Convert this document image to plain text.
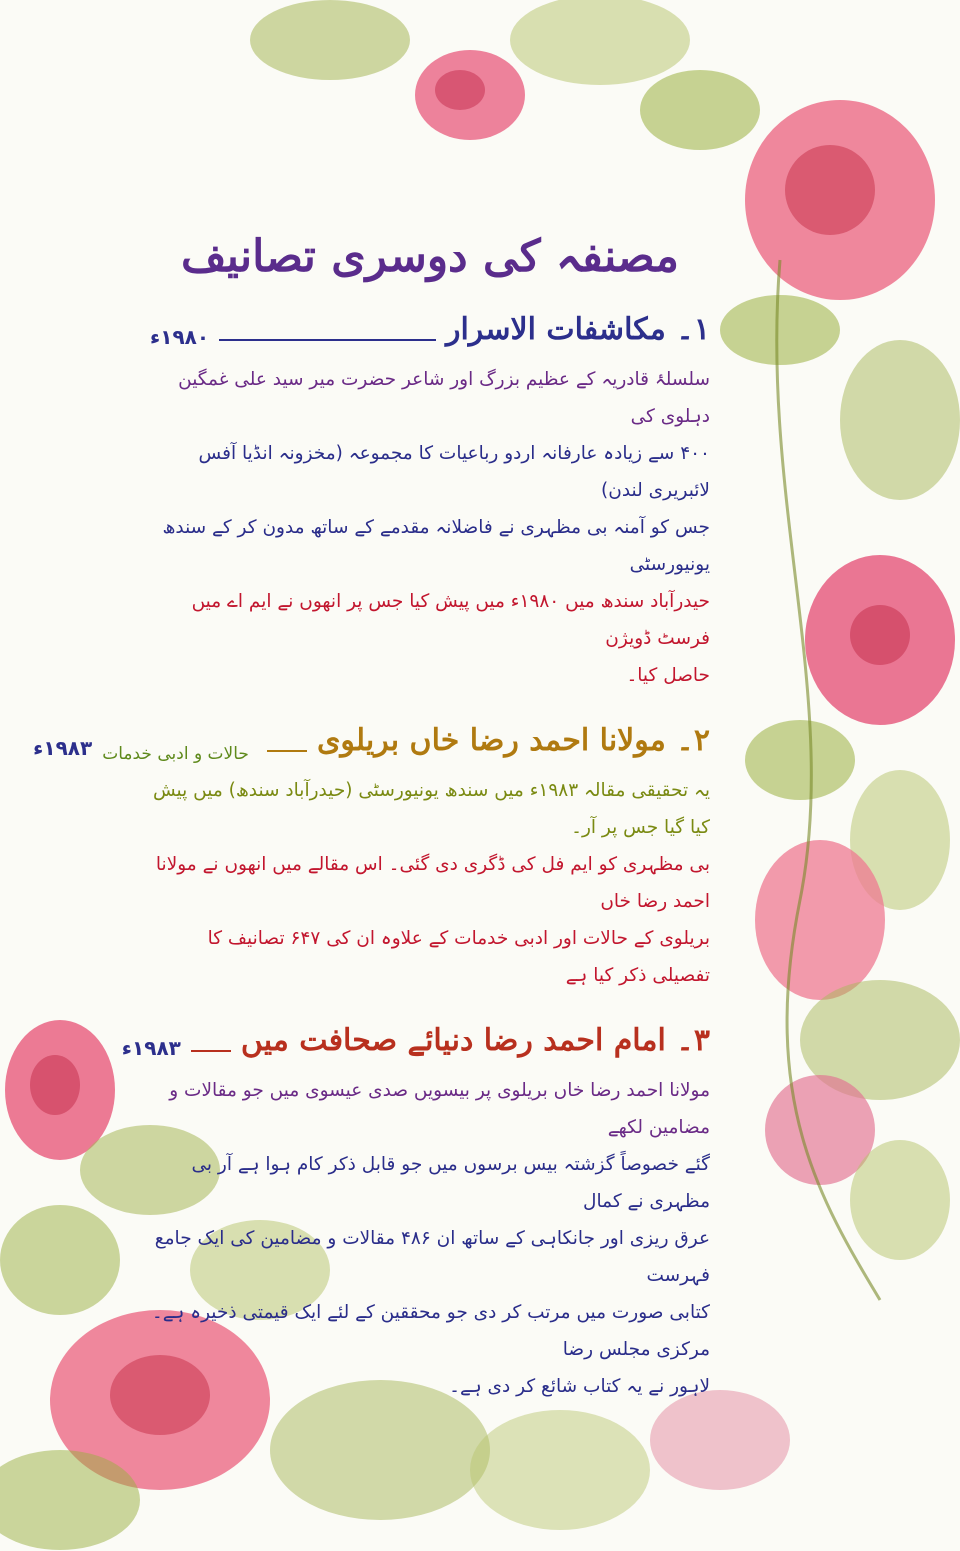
مصنفہ کی دوسری تصانیف
۱۔ مکاشفات الاسرار
۱۹۸۰ء

سلسلۂ قادریہ کے عظیم بزرگ اور شاعر حضرت میر سید علی غمگین دہلوی کی
۴۰۰ سے زیادہ عارفانہ اردو رباعیات کا مجموعہ (مخزونہ انڈیا آفس لائبریری لندن)
جس کو آمنہ بی مظہری نے فاضلانہ مقدمے کے ساتھ مدون کر کے سندھ یونیورسٹی
حیدرآباد سندھ میں ۱۹۸۰ء میں پیش کیا جس پر انھوں نے ایم اے میں فرسٹ ڈویژن
حاصل کیا۔

۲۔ مولانا احمد رضا خاں بریلوی
حالات و ادبی خدمات
۱۹۸۳ء

یہ تحقیقی مقالہ ۱۹۸۳ء میں سندھ یونیورسٹی (حیدرآباد سندھ) میں پیش کیا گیا جس پر آر۔
بی مظہری کو ایم فل کی ڈگری دی گئی۔ اس مقالے میں انھوں نے مولانا احمد رضا خاں
بریلوی کے حالات اور ادبی خدمات کے علاوہ ان کی ۶۴۷ تصانیف کا تفصیلی ذکر کیا ہے

۳۔ امام احمد رضا دنیائے صحافت میں
۱۹۸۳ء

مولانا احمد رضا خاں بریلوی پر بیسویں صدی عیسوی میں جو مقالات و مضامین لکھے
گئے خصوصاً گزشتہ بیس برسوں میں جو قابل ذکر کام ہوا ہے آر بی مظہری نے کمال
عرق ریزی اور جانکاہی کے ساتھ ان ۴۸۶ مقالات و مضامین کی ایک جامع فہرست
کتابی صورت میں مرتب کر دی جو محققین کے لئے ایک قیمتی ذخیرہ ہے۔ مرکزی مجلس رضا
لاہور نے یہ کتاب شائع کر دی ہے۔
